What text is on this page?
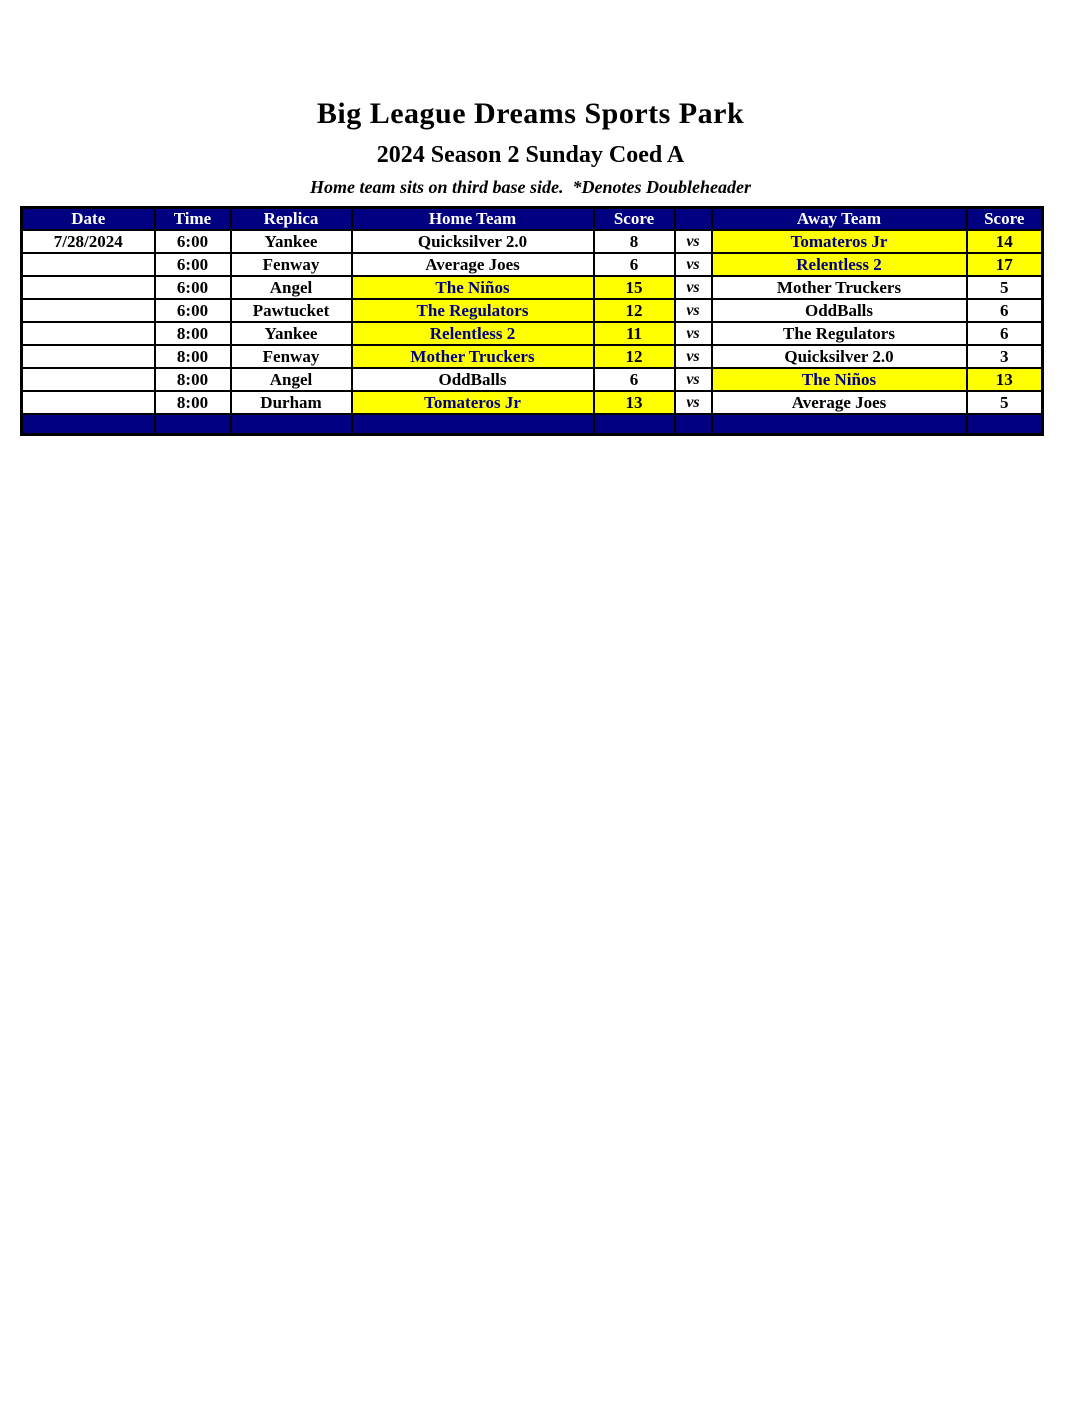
Big League Dreams Sports Park
2024 Season 2 Sunday Coed A
Home team sits on third base side.  *Denotes Doubleheader
Date	Time	Replica	Home Team	Score		Away Team	Score
7/28/2024	6:00	Yankee	Quicksilver 2.0	8	vs	Tomateros Jr	14
	6:00	Fenway	Average Joes	6	vs	Relentless 2	17
	6:00	Angel	The Niños	15	vs	Mother Truckers	5
	6:00	Pawtucket	The Regulators	12	vs	OddBalls	6
	8:00	Yankee	Relentless 2	11	vs	The Regulators	6
	8:00	Fenway	Mother Truckers	12	vs	Quicksilver 2.0	3
	8:00	Angel	OddBalls	6	vs	The Niños	13
	8:00	Durham	Tomateros Jr	13	vs	Average Joes	5
